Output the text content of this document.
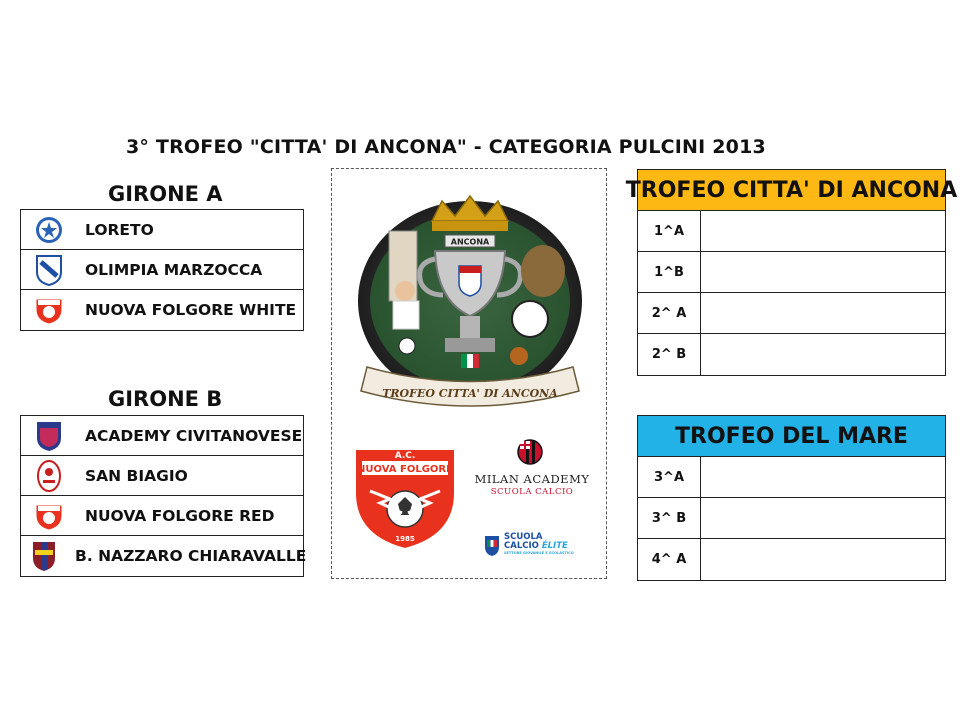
3° TROFEO "CITTA' DI ANCONA" - CATEGORIA PULCINI 2013
GIRONE A
LORETO
OLIMPIA MARZOCCA
NUOVA FOLGORE WHITE
GIRONE B
ACADEMY CIVITANOVESE
SAN BIAGIO
NUOVA FOLGORE RED
B. NAZZARO CHIARAVALLE
ANCONA
TROFEO CITTA' DI ANCONA
A.C.
NUOVA FOLGORE
1985
MILAN ACADEMY
SCUOLA CALCIO
SCUOLA
CALCIO ÉLITE
SETTORE GIOVANILE E SCOLASTICO
TROFEO CITTA' DI ANCONA
1^A
1^B
2^ A
2^ B
TROFEO DEL MARE
3^A
3^ B
4^ A
